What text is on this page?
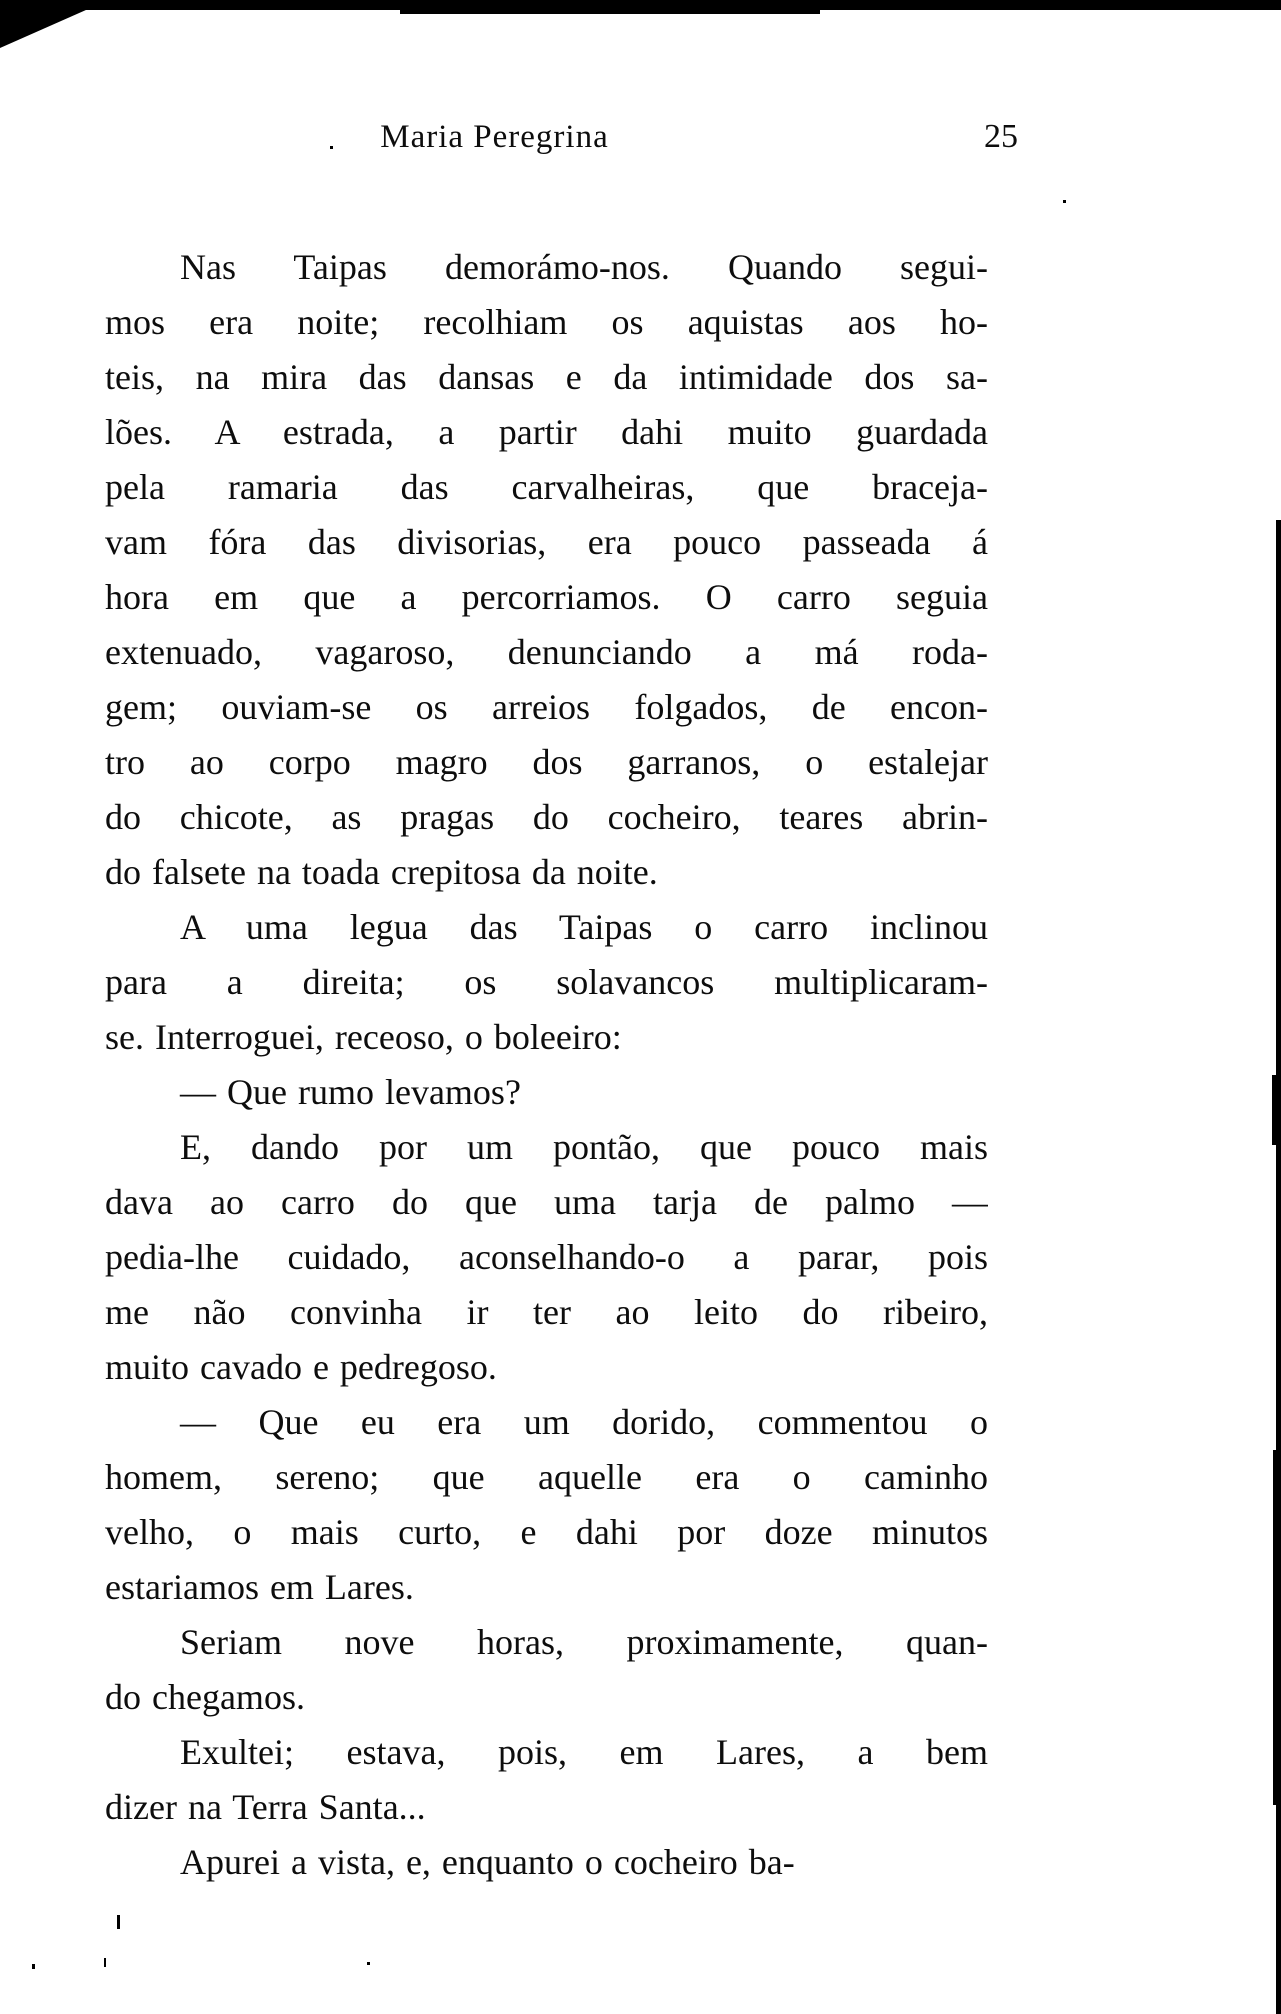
Maria Peregrina	25
Nas Taipas demorámo-nos. Quando segui-
mos era noite; recolhiam os aquistas aos ho-
teis, na mira das dansas e da intimidade dos sa-
lões. A estrada, a partir dahi muito guardada
pela ramaria das carvalheiras, que braceja-
vam fóra das divisorias, era pouco passeada á
hora em que a percorriamos. O carro seguia
extenuado, vagaroso, denunciando a má roda-
gem; ouviam-se os arreios folgados, de encon-
tro ao corpo magro dos garranos, o estalejar
do chicote, as pragas do cocheiro, teares abrin-
do falsete na toada crepitosa da noite.
A uma legua das Taipas o carro inclinou
para a direita; os solavancos multiplicaram-
se. Interroguei, receoso, o boleeiro:
— Que rumo levamos?
E, dando por um pontão, que pouco mais
dava ao carro do que uma tarja de palmo —
pedia-lhe cuidado, aconselhando-o a parar, pois
me não convinha ir ter ao leito do ribeiro,
muito cavado e pedregoso.
— Que eu era um dorido, commentou o
homem, sereno; que aquelle era o caminho
velho, o mais curto, e dahi por doze minutos
estariamos em Lares.
Seriam nove horas, proximamente, quan-
do chegamos.
Exultei; estava, pois, em Lares, a bem
dizer na Terra Santa...
Apurei a vista, e, enquanto o cocheiro ba-
